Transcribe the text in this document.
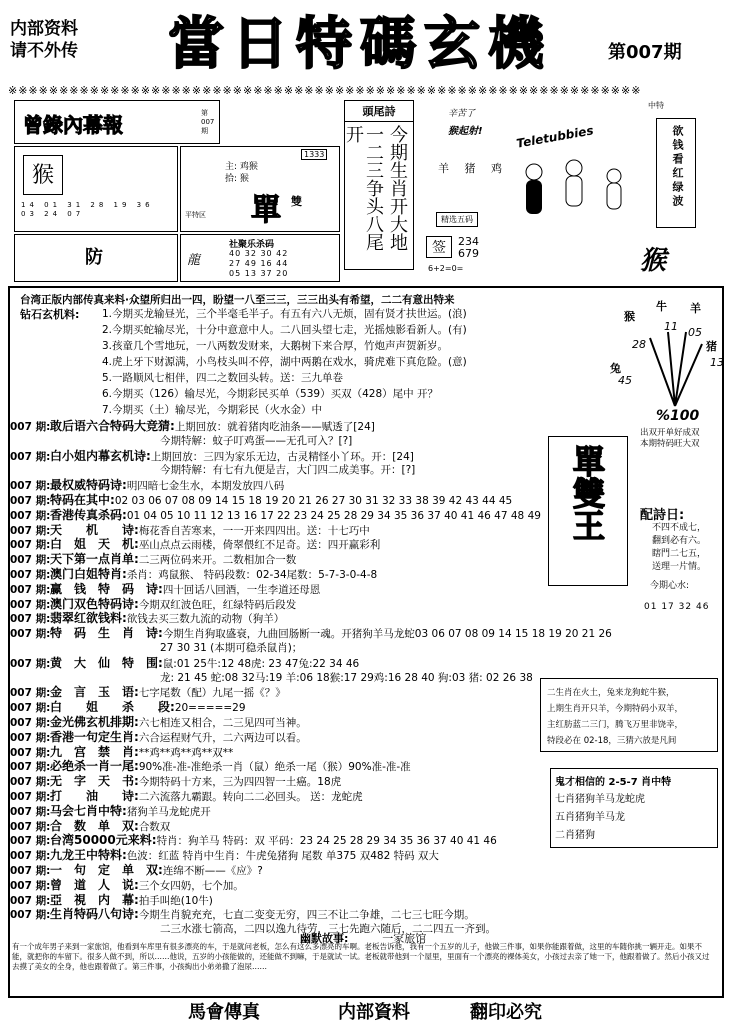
内部资料
请不外传	當日特碼玄機	第007期
※※※※※※※※※※※※※※※※※※※※※※※※※※※※※※※※※※※※※※※※※※※※※※※※※※※※※※※※※※※※※※
曾錄內幕報	第 007 期
猴
14 01 31 28 19 36 03 24 07
主: 鸡猴
拾: 猴
單 雙
平特区
1333
社聚乐杀码
40 32 30 42
27 49 16 44
05 13 37 20
龍
防
頭尾詩
今期生肖开大地
一二三争头八尾开
辛苦了
猴起射!	Teletubbies
羊 猪 鸡
精选五码
签	234
679
6+2=0=
中特
欲钱看红绿波
猴
台湾正版内部传真来料·众望所归出一四，盼望一八至三三，三三出头有希望，二二有意出特来
钻石玄机料: 1.今期买龙输昼光，三个半毫毛半子。有五有六八无烦，固有贤才扶世运。(浪)
2.今期买蛇输尽光，十分中意意中人。二八回头望七走，光摇烛影看新人。(有)
3.孩童几个雪地玩，一八两数发财来，大鹅树下来合厚，竹炮声声贺新岁。
4.虎上牙下财源满，小鸟枝头叫不停，湖中两鹅在戏水，骑虎难下真危险。(意)
5.一路顺风七相伴，四二之数回头转。送：三九单卷
6.今期买（126）输尽光，今期彩民买单（539）买双（428）尾中 开？
7.今期买（土）输尽光，今期彩民（火水金）中
007 期:敢后语六合特码大竞猜:上期回放：就着猪肉吃油条——赋透了[24]
今期特解：蚊子叮鸡蛋——无孔可入？[?]
007 期:白小姐内幕玄机诗:上期回放：三四为家乐无边，古灵精怪小丫环。开：[24]
今期特解：有七有九便是吉，大门四二成美事。开：[?]
007 期:最权威特码诗:明四暗七金生水，本期发放四八码
007 期:特码在其中:02 03 06 07 08 09 14 15 18 19 20 21 26 27 30 31 32 33 38 39 42 43 44 45
007 期:香港传真杀码:01 04 05 10 11 12 13 16 17 22 23 24 25 28 29 34 35 36 37 40 41 46 47 48 49
007 期:天　　机　　诗:梅花香自苦寒来，一一开来四四出。送：十七巧中
007 期:白　姐　天　机:巫山点点云雨楼，倚翠偎红不足奇。送：四开赢彩利
007 期:天下第一点肖单:二三两位码来开。二数相加合一数
007 期:澳门白姐特肖:杀肖：鸡鼠猴、 特码段数：02-34尾数：5-7-3-0-4-8
007 期:赢　钱　特　码　诗:四十回话八回酒，一生李道还母恩
007 期:澳门双色特码诗:今期双红波色旺，红绿特码后段发
007 期:翡翠红欲钱料:欲钱去买三数九流的动物（狗羊）
007 期:特　码　生　肖　诗:今期生肖狗取盛衰，九曲回肠断一魂。开猪狗羊马龙蛇03 06 07 08 09 14 15 18 19 20 21 26
27 30 31 (本期可稳杀鼠肖)；
007 期:黄　大　仙　特　围:鼠:01 25牛:12 48虎: 23 47兔:22 34 46
龙: 21 45 蛇:08 32马:19 羊:06 18猴:17 29鸡:16 28 40 狗:03 猪: 02 26 38
007 期:金　言　玉　语:七字尾数（配）九尾一摇《？》
007 期:白　　姐　　杀　　段:20=====29
007 期:金光佛玄机排期:六七相连又相合，二三见四可当神。
007 期:香港一句定生肖:六合运程财气升，二六两边可以看。
007 期:九　宫　禁　肖:**鸡**鸡**鸡**双**
007 期:必绝杀一肖一尾:90%准-准-准绝杀一肖（鼠）绝杀一尾（猴）90%准-准-准
007 期:无　字　天　书:今期特码十方来，三为四四智一土癌。18虎
007 期:打　　油　　诗:二六流落九霸跟。转向二二必回头。 送：龙蛇虎
007 期:马会七肖中特:猪狗羊马龙蛇虎开
007 期:合　数　单　双:合数双
007 期:台湾50000元来料:特肖：狗羊马 特码：双 平码：23 24 25 28 29 34 35 36 37 40 41 46
007 期:九龙王中特料:色波：红蓝 特肖中生肖：牛虎兔猪狗 尾数 单375 双482 特码 双大
007 期:一　句　定　单　双:连绵不断——《应》?
007 期:曾　道　人　说:三个女四奶，七个加。
007 期:亞　視　内　幕:拍手叫绝(10牛)
007 期:生肖特码八句诗:今期生肖貌充充，七直二变变无穷，四三不让二争雄，二七三七旺今期。
二三水涨七箭高，二四以逸九待劳，三七先跑六随后，二二四五一齐到。
牛 羊
猴
猪
兔
28
11 05
13
45
%100
出双开单好成双
本期特码旺大双
單雙王	配詩日:
不四不成七，
翻到必有六。
瞎門二七五，
送理一片情。
今期心水:
01 17 32 46
二生肖在火土，兔来龙狗蛇牛猴，
上期生肖开只羊，今期特码小双羊，
主红肪蓝二三门，腾飞万里非饶幸，
特段必在 02-18，三猜六放是凡间
鬼才相信的 2-5-7 肖中特
七肖猪狗羊马龙蛇虎
五肖猪狗羊马龙
二肖猪狗
幽默故事:	一家旅馆
有一个成年男子来到一家旅馆，他看到车库里有很多漂亮的车，于是就问老板，怎么有这么多漂亮的车啊。老板告诉他，我有一个五岁的儿子，他做三件事，如果你能跟着做，这里的车随你挑一辆开走。如果不能，就把你的车留下。很多人做不到，所以……他说，五岁的小孩能做的，还能做不到嘛，于是就试一试。老板就带他到一个屋里，里面有一个漂亮的裸体美女，小孩过去亲了她一下，他跟着做了。然后小孩又过去摸了美女的全身，他也跟着做了。第三件事，小孩掏出小弟弟撒了泡尿……
馬會傳真	内部資料	翻印必究
